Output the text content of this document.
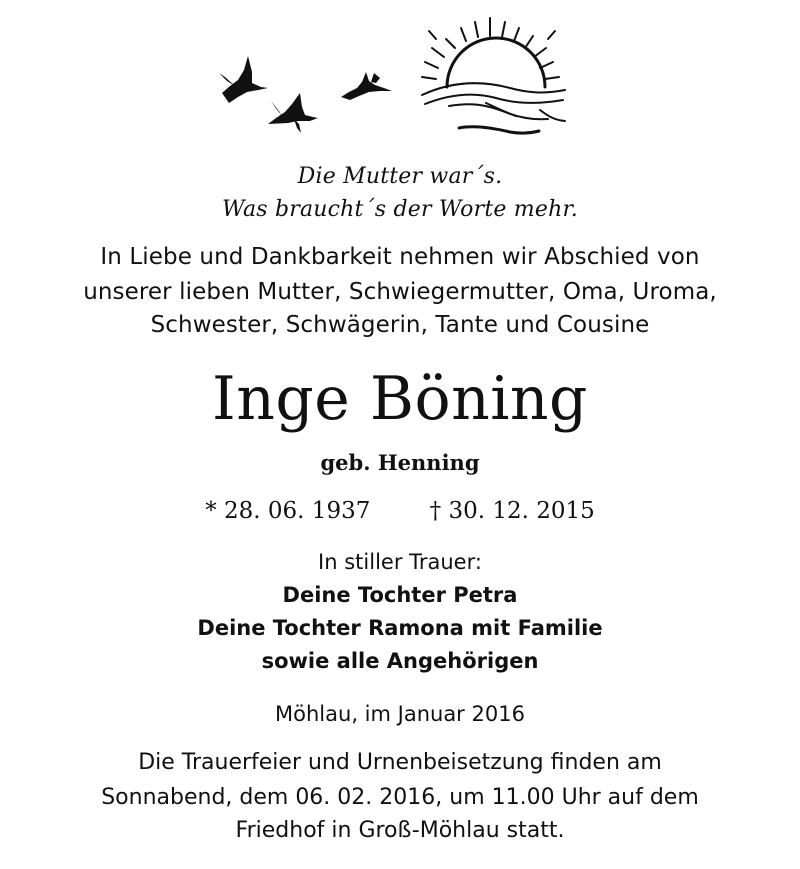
Die Mutter war´s.
Was braucht´s der Worte mehr.
In Liebe und Dankbarkeit nehmen wir Abschied von
unserer lieben Mutter, Schwiegermutter, Oma, Uroma,
Schwester, Schwägerin, Tante und Cousine
Inge Böning
geb. Henning
* 28. 06. 1937	† 30. 12. 2015
In stiller Trauer:
Deine Tochter Petra
Deine Tochter Ramona mit Familie
sowie alle Angehörigen
Möhlau, im Januar 2016
Die Trauerfeier und Urnenbeisetzung finden am
Sonnabend, dem 06. 02. 2016, um 11.00 Uhr auf dem
Friedhof in Groß-Möhlau statt.
